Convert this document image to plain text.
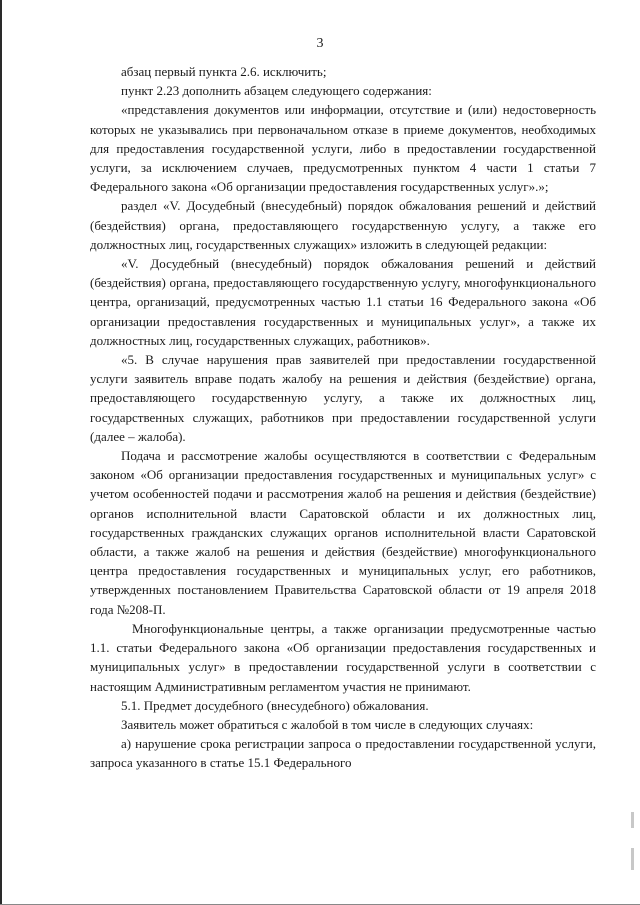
3

абзац первый пункта 2.6. исключить;

пункт 2.23 дополнить абзацем следующего содержания:

«представления документов или информации, отсутствие и (или) недостоверность которых не указывались при первоначальном отказе в приеме документов, необходимых для предоставления государственной услуги, либо в предоставлении государственной услуги, за исключением случаев, предусмотренных пунктом 4 части 1 статьи 7 Федерального закона «Об организации предоставления государственных услуг».»;

раздел «V. Досудебный (внесудебный) порядок обжалования решений и действий (бездействия) органа, предоставляющего государственную услугу, а также его должностных лиц, государственных служащих» изложить в следующей редакции:

«V. Досудебный (внесудебный) порядок обжалования решений и действий (бездействия) органа, предоставляющего государственную услугу, многофункционального центра, организаций, предусмотренных частью 1.1 статьи 16 Федерального закона «Об организации предоставления государственных и муниципальных услуг», а также их должностных лиц, государственных служащих, работников».

«5. В случае нарушения прав заявителей при предоставлении государственной услуги заявитель вправе подать жалобу на решения и действия (бездействие) органа, предоставляющего государственную услугу, а также их должностных лиц, государственных служащих, работников при предоставлении государственной услуги (далее – жалоба).

Подача и рассмотрение жалобы осуществляются в соответствии с Федеральным законом «Об организации предоставления государственных и муниципальных услуг» с учетом особенностей подачи и рассмотрения жалоб на решения и действия (бездействие) органов исполнительной власти Саратовской области и их должностных лиц, государственных гражданских служащих органов исполнительной власти Саратовской области, а также жалоб на решения и действия (бездействие) многофункционального центра предоставления государственных и муниципальных услуг, его работников, утвержденных постановлением Правительства Саратовской области от 19 апреля 2018 года №208-П.

Многофункциональные центры, а также организации предусмотренные частью 1.1. статьи Федерального закона «Об организации предоставления государственных и муниципальных услуг» в предоставлении государственной услуги в соответствии с настоящим Административным регламентом участия не принимают.

5.1. Предмет досудебного (внесудебного) обжалования.

Заявитель может обратиться с жалобой в том числе в следующих случаях:

а) нарушение срока регистрации запроса о предоставлении государственной услуги, запроса указанного в статье 15.1 Федерального
